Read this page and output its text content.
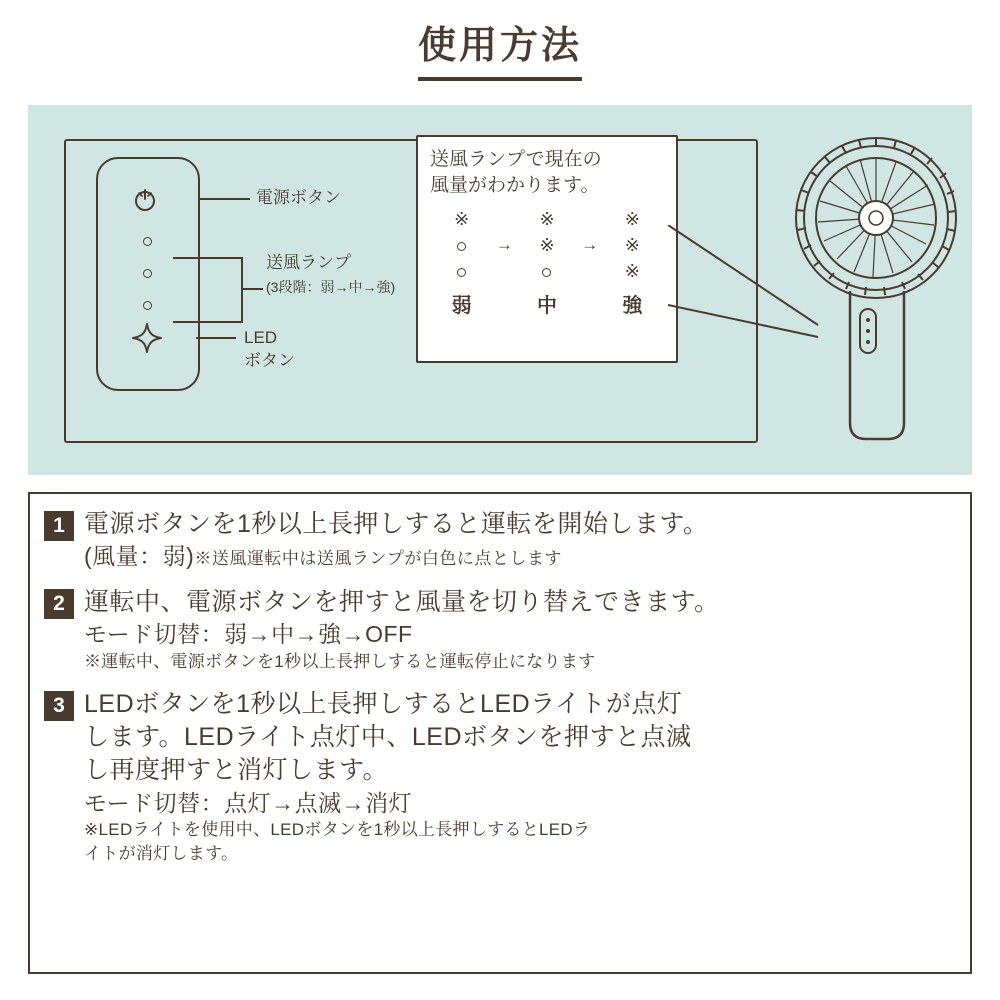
使用方法
電源ボタン
送風ランプ
(3段階：弱→中→強)
LED
ボタン
送風ランプで現在の
風量がわかります。
※		※		※
	→	※	→	※
				※
弱		中		強
1 電源ボタンを1秒以上長押しすると運転を開始します。
(風量：弱)※送風運転中は送風ランプが白色に点とします
2 運転中、電源ボタンを押すと風量を切り替えできます。
モード切替：弱→中→強→OFF
※運転中、電源ボタンを1秒以上長押しすると運転停止になります
3 LEDボタンを1秒以上長押しするとLEDライトが点灯
します。LEDライト点灯中、LEDボタンを押すと点滅
し再度押すと消灯します。
モード切替：点灯→点滅→消灯
※LEDライトを使用中、LEDボタンを1秒以上長押しするとLEDラ
イトが消灯します。
